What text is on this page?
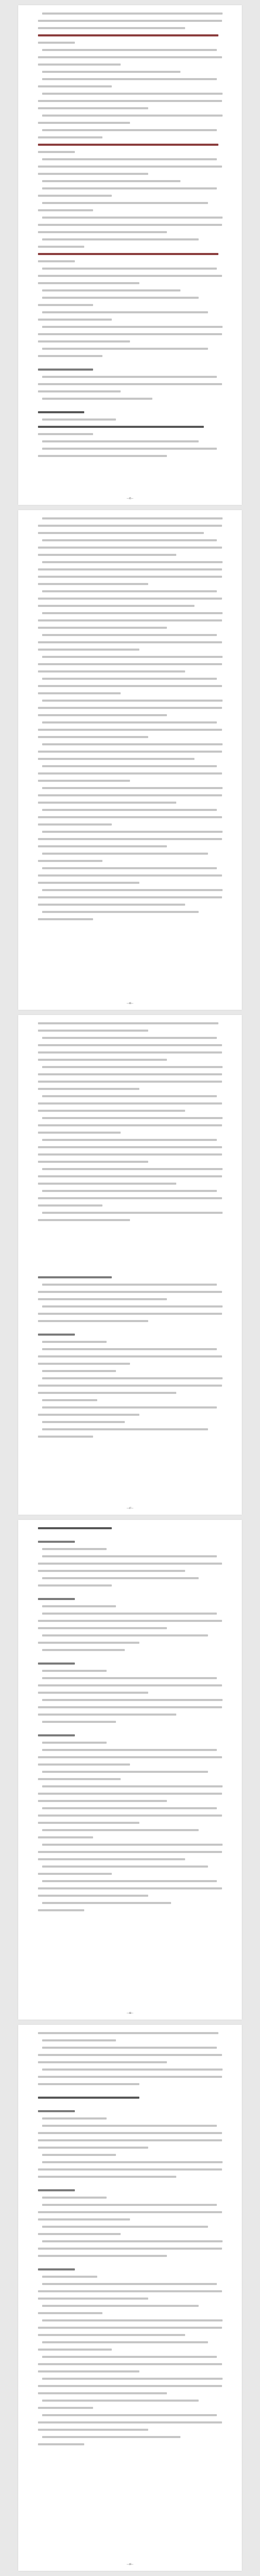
—45—
—46—
—47—
—48—
—49—
